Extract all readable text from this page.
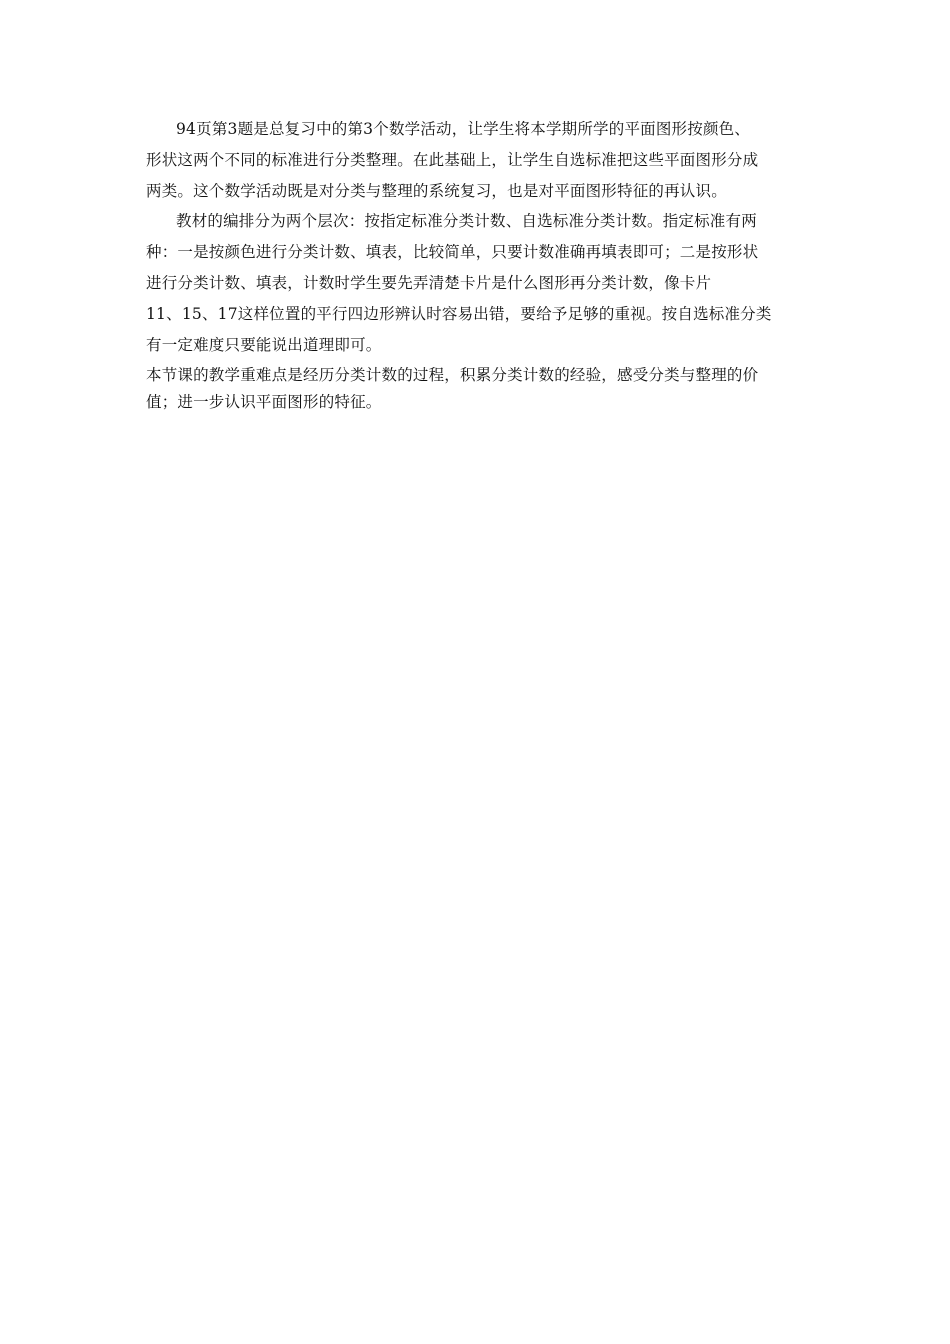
94页第3题是总复习中的第3个数学活动，让学生将本学期所学的平面图形按颜色、
形状这两个不同的标准进行分类整理。在此基础上，让学生自选标准把这些平面图形分成
两类。这个数学活动既是对分类与整理的系统复习，也是对平面图形特征的再认识。
教材的编排分为两个层次：按指定标准分类计数、自选标准分类计数。指定标准有两
种：一是按颜色进行分类计数、填表，比较简单，只要计数准确再填表即可；二是按形状
进行分类计数、填表，计数时学生要先弄清楚卡片是什么图形再分类计数，像卡片
11、15、17这样位置的平行四边形辨认时容易出错，要给予足够的重视。按自选标准分类
有一定难度只要能说出道理即可。
本节课的教学重难点是经历分类计数的过程，积累分类计数的经验，感受分类与整理的价
值；进一步认识平面图形的特征。
